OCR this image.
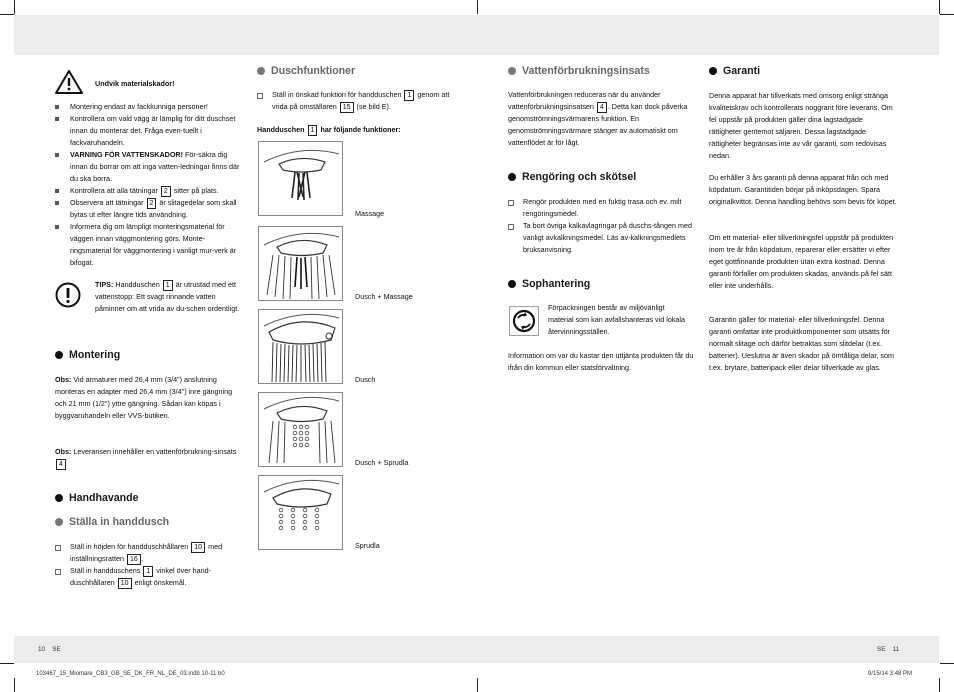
Undvik materialskador!
Montering endast av fackkunniga personer!
Kontrollera om vald vägg är lämplig för ditt duschset innan du monterar det. Fråga even-tuellt i fackvaruhandeln.
VARNING FÖR VATTENSKADOR! För-säkra dig innan du borrar om att inga vatten-ledningar finns där du ska borra.
Kontrollera att alla tätningar 2 sitter på plats.
Observera att tätningar 2 är slitagedelar som skall bytas ut efter längre tids användning.
Informera dig om lämpligt monteringsmaterial för väggen innan väggmontering görs. Monte-ringsmaterial för väggmontering i vanligt mur-verk är bifogat.
TIPS: Handduschen 1 är utrustad med ett vattenstopp: Ett svagt rinnande vatten påminner om att vrida av du-schen ordentligt.
Montering
Obs: Vid armaturer med 26,4 mm (3/4") anslutning monteras en adapter med 26,4 mm (3/4") inre gängning och 21 mm (1/2") yttre gängning. Sådan kan köpas i byggvaruhandeln eller VVS-butiken.
Obs: Leveransen innehåller en vattenförbrukning-sinsats 4
Handhavande
Ställa in handdusch
Ställ in höjden för handduschhållaren 10 med inställningsratten 16 .
Ställ in handduschens 1 vinkel över hand-duschhållaren 10 enligt önskemål.
Duschfunktioner
Ställ in önskad funktion för handduschen 1 genom att vrida på omställaren 15 (se bild E).
Handduschen 1 har följande funktioner:
Massage
Dusch + Massage
Dusch
Dusch + Sprudla
Sprudla
Vattenförbrukningsinsats
Vattenförbrukningen reduceras när du använder vattenförbrukningsinsatsen 4 . Detta kan dock påverka genomströmningsvärmarens funktion. En genomströmningsvärmare stänger av automatiskt om vattenflödet är för lågt.
Rengöring och skötsel
Rengör produkten med en fuktig trasa och ev. milt rengöringsmedel.
Ta bort övriga kalkavlagringar på duschs-tången med vanligt avkalkningsmedel. Läs av-kalkningsmedlets bruksanvisning.
Sophantering
Förpackningen består av miljövänligt material som kan avfallshanteras vid lokala återvinningsställen.
Information om var du kastar den uttjänta produkten får du ifrån din kommun eller statsförvaltning.
Garanti
Denna apparat har tillverkats med omsorg enligt stränga kvalitetskrav och kontrollerats noggrant före leverans. Om fel uppstår på produkten gäller dina lagstadgade rättigheter gentemot säljaren. Dessa lagstadgade rättigheter begränsas inte av vår garanti, som redovisas nedan.
Du erhåller 3 års garanti på denna apparat från och med köpdatum. Garantitiden börjar på inköpsdagen. Spara originalkvittot. Denna handling behövs som bevis för köpet.
Om ett material- eller tillverkningsfel uppstår på produkten inom tre år från köpdatum, reparerar eller ersätter vi efter eget gottfinnande produkten utan extra kostnad. Denna garanti förfaller om produkten skadas, används på fel sätt eller inte underhålls.
Garantin gäller för material- eller tillverkningsfel. Denna garanti omfattar inte produktkomponenter som utsätts för normalt slitage och därför betraktas som slitdelar (t.ex. batterier). Ueslutna är även skador på ömtåliga delar, som t.ex. brytare, batteripack eller delar tillverkade av glas.
10 SE	SE 11
103467_15_Miomare_CB3_GB_SE_DK_FR_NL_DE_03.indb 10-11 b0	9/15/14 3:48 PM
